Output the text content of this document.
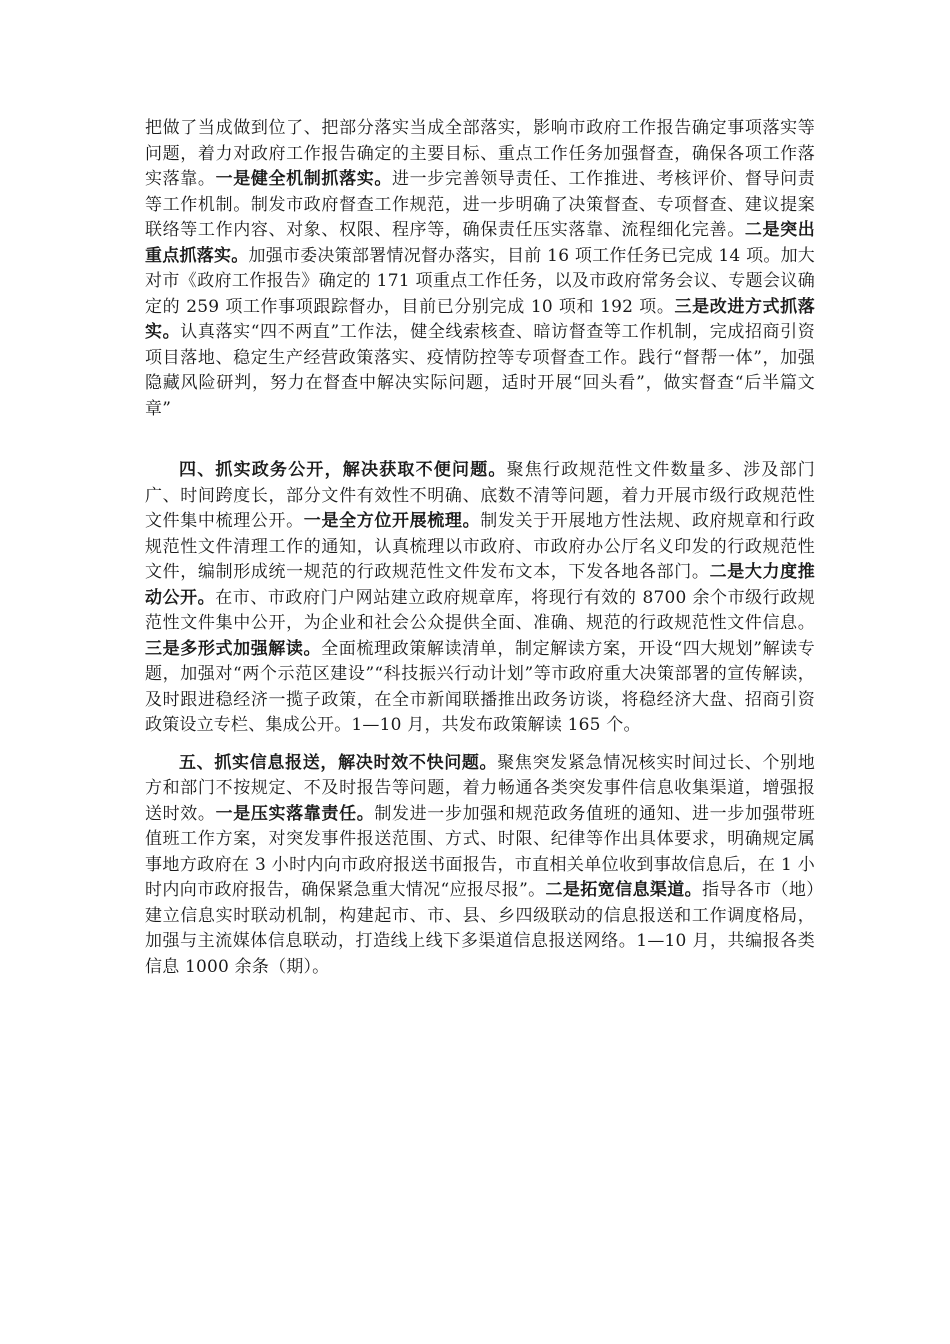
把做了当成做到位了、把部分落实当成全部落实，影响市政府工作报告确定事项落实等问题，着力对政府工作报告确定的主要目标、重点工作任务加强督查，确保各项工作落实落靠。一是健全机制抓落实。进一步完善领导责任、工作推进、考核评价、督导问责等工作机制。制发市政府督查工作规范，进一步明确了决策督查、专项督查、建议提案联络等工作内容、对象、权限、程序等，确保责任压实落靠、流程细化完善。二是突出重点抓落实。加强市委决策部署情况督办落实，目前 16 项工作任务已完成 14 项。加大对市《政府工作报告》确定的 171 项重点工作任务，以及市政府常务会议、专题会议确定的 259 项工作事项跟踪督办，目前已分别完成 10 项和 192 项。三是改进方式抓落实。认真落实“四不两直”工作法，健全线索核查、暗访督查等工作机制，完成招商引资项目落地、稳定生产经营政策落实、疫情防控等专项督查工作。践行“督帮一体”，加强隐藏风险研判，努力在督查中解决实际问题，适时开展“回头看”，做实督查“后半篇文章”

四、抓实政务公开，解决获取不便问题。聚焦行政规范性文件数量多、涉及部门广、时间跨度长，部分文件有效性不明确、底数不清等问题，着力开展市级行政规范性文件集中梳理公开。一是全方位开展梳理。制发关于开展地方性法规、政府规章和行政规范性文件清理工作的通知，认真梳理以市政府、市政府办公厅名义印发的行政规范性文件，编制形成统一规范的行政规范性文件发布文本，下发各地各部门。二是大力度推动公开。在市、市政府门户网站建立政府规章库，将现行有效的 8700 余个市级行政规范性文件集中公开，为企业和社会公众提供全面、准确、规范的行政规范性文件信息。三是多形式加强解读。全面梳理政策解读清单，制定解读方案，开设“四大规划”解读专题，加强对“两个示范区建设”“科技振兴行动计划”等市政府重大决策部署的宣传解读，及时跟进稳经济一揽子政策，在全市新闻联播推出政务访谈，将稳经济大盘、招商引资政策设立专栏、集成公开。1—10 月，共发布政策解读 165 个。

五、抓实信息报送，解决时效不快问题。聚焦突发紧急情况核实时间过长、个别地方和部门不按规定、不及时报告等问题，着力畅通各类突发事件信息收集渠道，增强报送时效。一是压实落靠责任。制发进一步加强和规范政务值班的通知、进一步加强带班值班工作方案，对突发事件报送范围、方式、时限、纪律等作出具体要求，明确规定属事地方政府在 3 小时内向市政府报送书面报告，市直相关单位收到事故信息后，在 1 小时内向市政府报告，确保紧急重大情况“应报尽报”。二是拓宽信息渠道。指导各市（地）建立信息实时联动机制，构建起市、市、县、乡四级联动的信息报送和工作调度格局，加强与主流媒体信息联动，打造线上线下多渠道信息报送网络。1—10 月，共编报各类信息 1000 余条（期）。
